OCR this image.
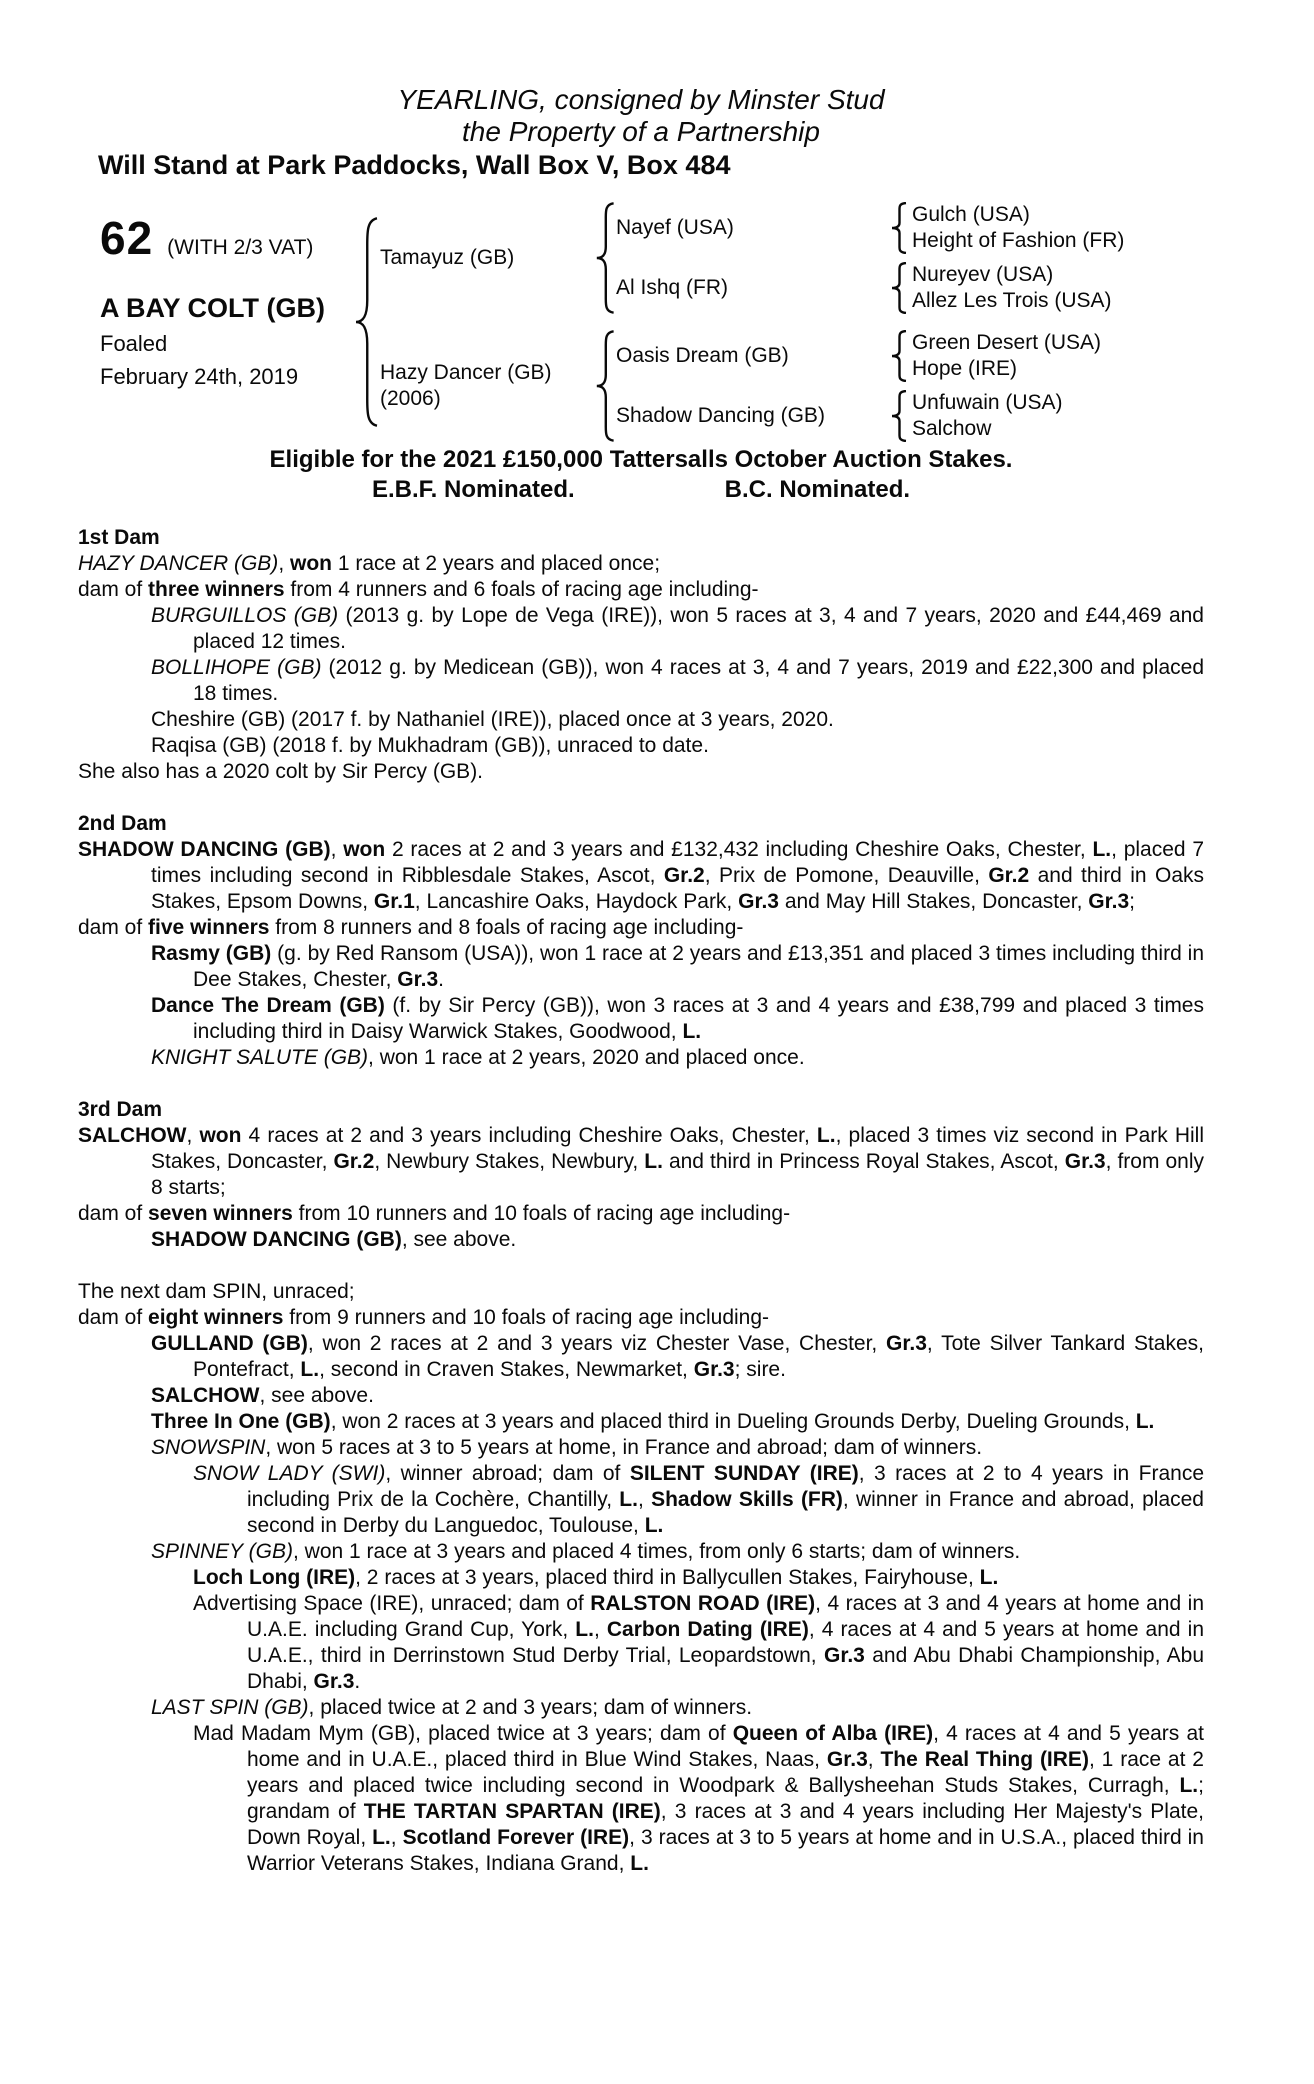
YEARLING, consigned by Minster Stud
the Property of a Partnership
Will Stand at Park Paddocks, Wall Box V, Box 484
62 (WITH 2/3 VAT)
A BAY COLT (GB)
Foaled
February 24th, 2019
Tamayuz (GB)
Nayef (USA)
Gulch (USA)
Height of Fashion (FR)
Al Ishq (FR)
Nureyev (USA)
Allez Les Trois (USA)
Hazy Dancer (GB)
(2006)
Oasis Dream (GB)
Green Desert (USA)
Hope (IRE)
Shadow Dancing (GB)
Unfuwain (USA)
Salchow
Eligible for the 2021 £150,000 Tattersalls October Auction Stakes.
E.B.F. Nominated.	B.C. Nominated.

1st Dam

HAZY DANCER (GB), won 1 race at 2 years and placed once;

dam of three winners from 4 runners and 6 foals of racing age including-

BURGUILLOS (GB) (2013 g. by Lope de Vega (IRE)), won 5 races at 3, 4 and 7 years, 2020 and £44,469 and placed 12 times.

BOLLIHOPE (GB) (2012 g. by Medicean (GB)), won 4 races at 3, 4 and 7 years, 2019 and £22,300 and placed 18 times.

Cheshire (GB) (2017 f. by Nathaniel (IRE)), placed once at 3 years, 2020.

Raqisa (GB) (2018 f. by Mukhadram (GB)), unraced to date.

She also has a 2020 colt by Sir Percy (GB).

2nd Dam

SHADOW DANCING (GB), won 2 races at 2 and 3 years and £132,432 including Cheshire Oaks, Chester, L., placed 7 times including second in Ribblesdale Stakes, Ascot, Gr.2, Prix de Pomone, Deauville, Gr.2 and third in Oaks Stakes, Epsom Downs, Gr.1, Lancashire Oaks, Haydock Park, Gr.3 and May Hill Stakes, Doncaster, Gr.3;

dam of five winners from 8 runners and 8 foals of racing age including-

Rasmy (GB) (g. by Red Ransom (USA)), won 1 race at 2 years and £13,351 and placed 3 times including third in Dee Stakes, Chester, Gr.3.

Dance The Dream (GB) (f. by Sir Percy (GB)), won 3 races at 3 and 4 years and £38,799 and placed 3 times including third in Daisy Warwick Stakes, Goodwood, L.

KNIGHT SALUTE (GB), won 1 race at 2 years, 2020 and placed once.

3rd Dam

SALCHOW, won 4 races at 2 and 3 years including Cheshire Oaks, Chester, L., placed 3 times viz second in Park Hill Stakes, Doncaster, Gr.2, Newbury Stakes, Newbury, L. and third in Princess Royal Stakes, Ascot, Gr.3, from only 8 starts;

dam of seven winners from 10 runners and 10 foals of racing age including-

SHADOW DANCING (GB), see above.

The next dam SPIN, unraced;

dam of eight winners from 9 runners and 10 foals of racing age including-

GULLAND (GB), won 2 races at 2 and 3 years viz Chester Vase, Chester, Gr.3, Tote Silver Tankard Stakes, Pontefract, L., second in Craven Stakes, Newmarket, Gr.3; sire.

SALCHOW, see above.

Three In One (GB), won 2 races at 3 years and placed third in Dueling Grounds Derby, Dueling Grounds, L.

SNOWSPIN, won 5 races at 3 to 5 years at home, in France and abroad; dam of winners.

SNOW LADY (SWI), winner abroad; dam of SILENT SUNDAY (IRE), 3 races at 2 to 4 years in France including Prix de la Cochère, Chantilly, L., Shadow Skills (FR), winner in France and abroad, placed second in Derby du Languedoc, Toulouse, L.

SPINNEY (GB), won 1 race at 3 years and placed 4 times, from only 6 starts; dam of winners.

Loch Long (IRE), 2 races at 3 years, placed third in Ballycullen Stakes, Fairyhouse, L.

Advertising Space (IRE), unraced; dam of RALSTON ROAD (IRE), 4 races at 3 and 4 years at home and in U.A.E. including Grand Cup, York, L., Carbon Dating (IRE), 4 races at 4 and 5 years at home and in U.A.E., third in Derrinstown Stud Derby Trial, Leopardstown, Gr.3 and Abu Dhabi Championship, Abu Dhabi, Gr.3.

LAST SPIN (GB), placed twice at 2 and 3 years; dam of winners.

Mad Madam Mym (GB), placed twice at 3 years; dam of Queen of Alba (IRE), 4 races at 4 and 5 years at home and in U.A.E., placed third in Blue Wind Stakes, Naas, Gr.3, The Real Thing (IRE), 1 race at 2 years and placed twice including second in Woodpark & Ballysheehan Studs Stakes, Curragh, L.; grandam of THE TARTAN SPARTAN (IRE), 3 races at 3 and 4 years including Her Majesty's Plate, Down Royal, L., Scotland Forever (IRE), 3 races at 3 to 5 years at home and in U.S.A., placed third in Warrior Veterans Stakes, Indiana Grand, L.
